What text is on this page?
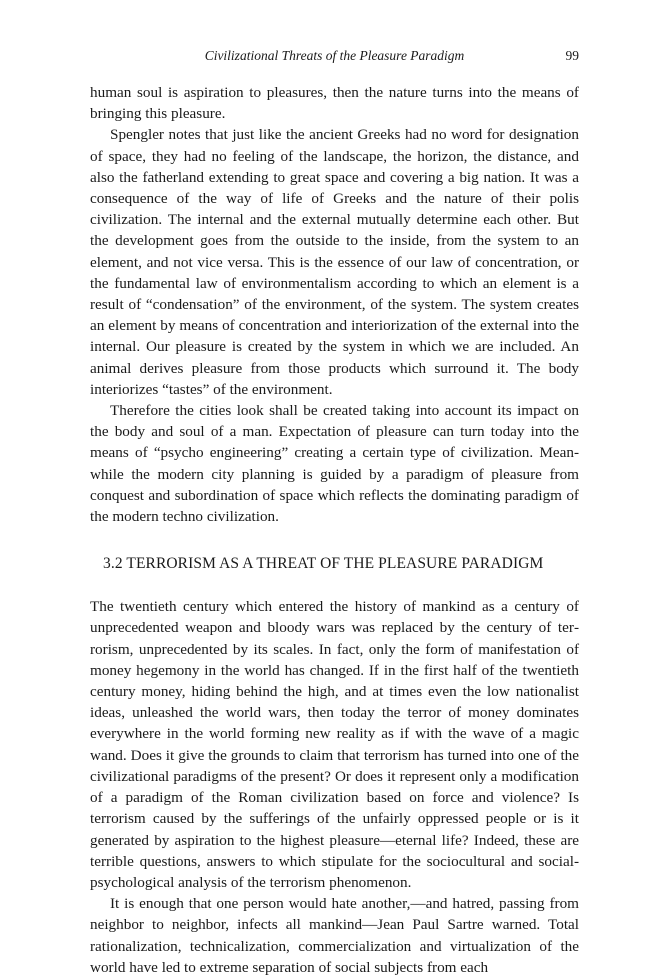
Civilizational Threats of the Pleasure Paradigm	99

human soul is aspiration to pleasures, then the nature turns into the means of bringing this pleasure.

Spengler notes that just like the ancient Greeks had no word for designation of space, they had no feeling of the landscape, the horizon, the distance, and also the fatherland extending to great space and covering a big nation. It was a consequence of the way of life of Greeks and the nature of their polis civilization. The internal and the external mutually determine each other. But the development goes from the outside to the inside, from the system to an element, and not vice versa. This is the essence of our law of concentration, or the fundamental law of environmentalism according to which an element is a result of “condensation” of the environment, of the system. The system creates an element by means of concentration and interiorization of the external into the internal. Our pleasure is created by the system in which we are included. An animal derives pleasure from those products which surround it. The body interiorizes “tastes” of the environment.

Therefore the cities look shall be created taking into account its impact on the body and soul of a man. Expectation of pleasure can turn today into the means of “psycho engineering” creating a certain type of civilization. Meanwhile the modern city planning is guided by a paradigm of pleasure from conquest and subordination of space which reflects the dominating paradigm of the modern techno civilization.

3.2 TERRORISM AS A THREAT OF THE PLEASURE PARADIGM

The twentieth century which entered the history of mankind as a century of unprecedented weapon and bloody wars was replaced by the century of terrorism, unprecedented by its scales. In fact, only the form of manifestation of money hegemony in the world has changed. If in the first half of the twentieth century money, hiding behind the high, and at times even the low nationalist ideas, unleashed the world wars, then today the terror of money dominates everywhere in the world forming new reality as if with the wave of a magic wand. Does it give the grounds to claim that terrorism has turned into one of the civilizational paradigms of the present? Or does it represent only a modification of a paradigm of the Roman civilization based on force and violence? Is terrorism caused by the sufferings of the unfairly oppressed people or is it generated by aspiration to the highest pleasure—eternal life? Indeed, these are terrible questions, answers to which stipulate for the sociocultural and social-psychological analysis of the terrorism phenomenon.

It is enough that one person would hate another,—and hatred, passing from neighbor to neighbor, infects all mankind—Jean Paul Sartre warned. Total rationalization, technicalization, commercialization and virtualization of the world have led to extreme separation of social subjects from each
